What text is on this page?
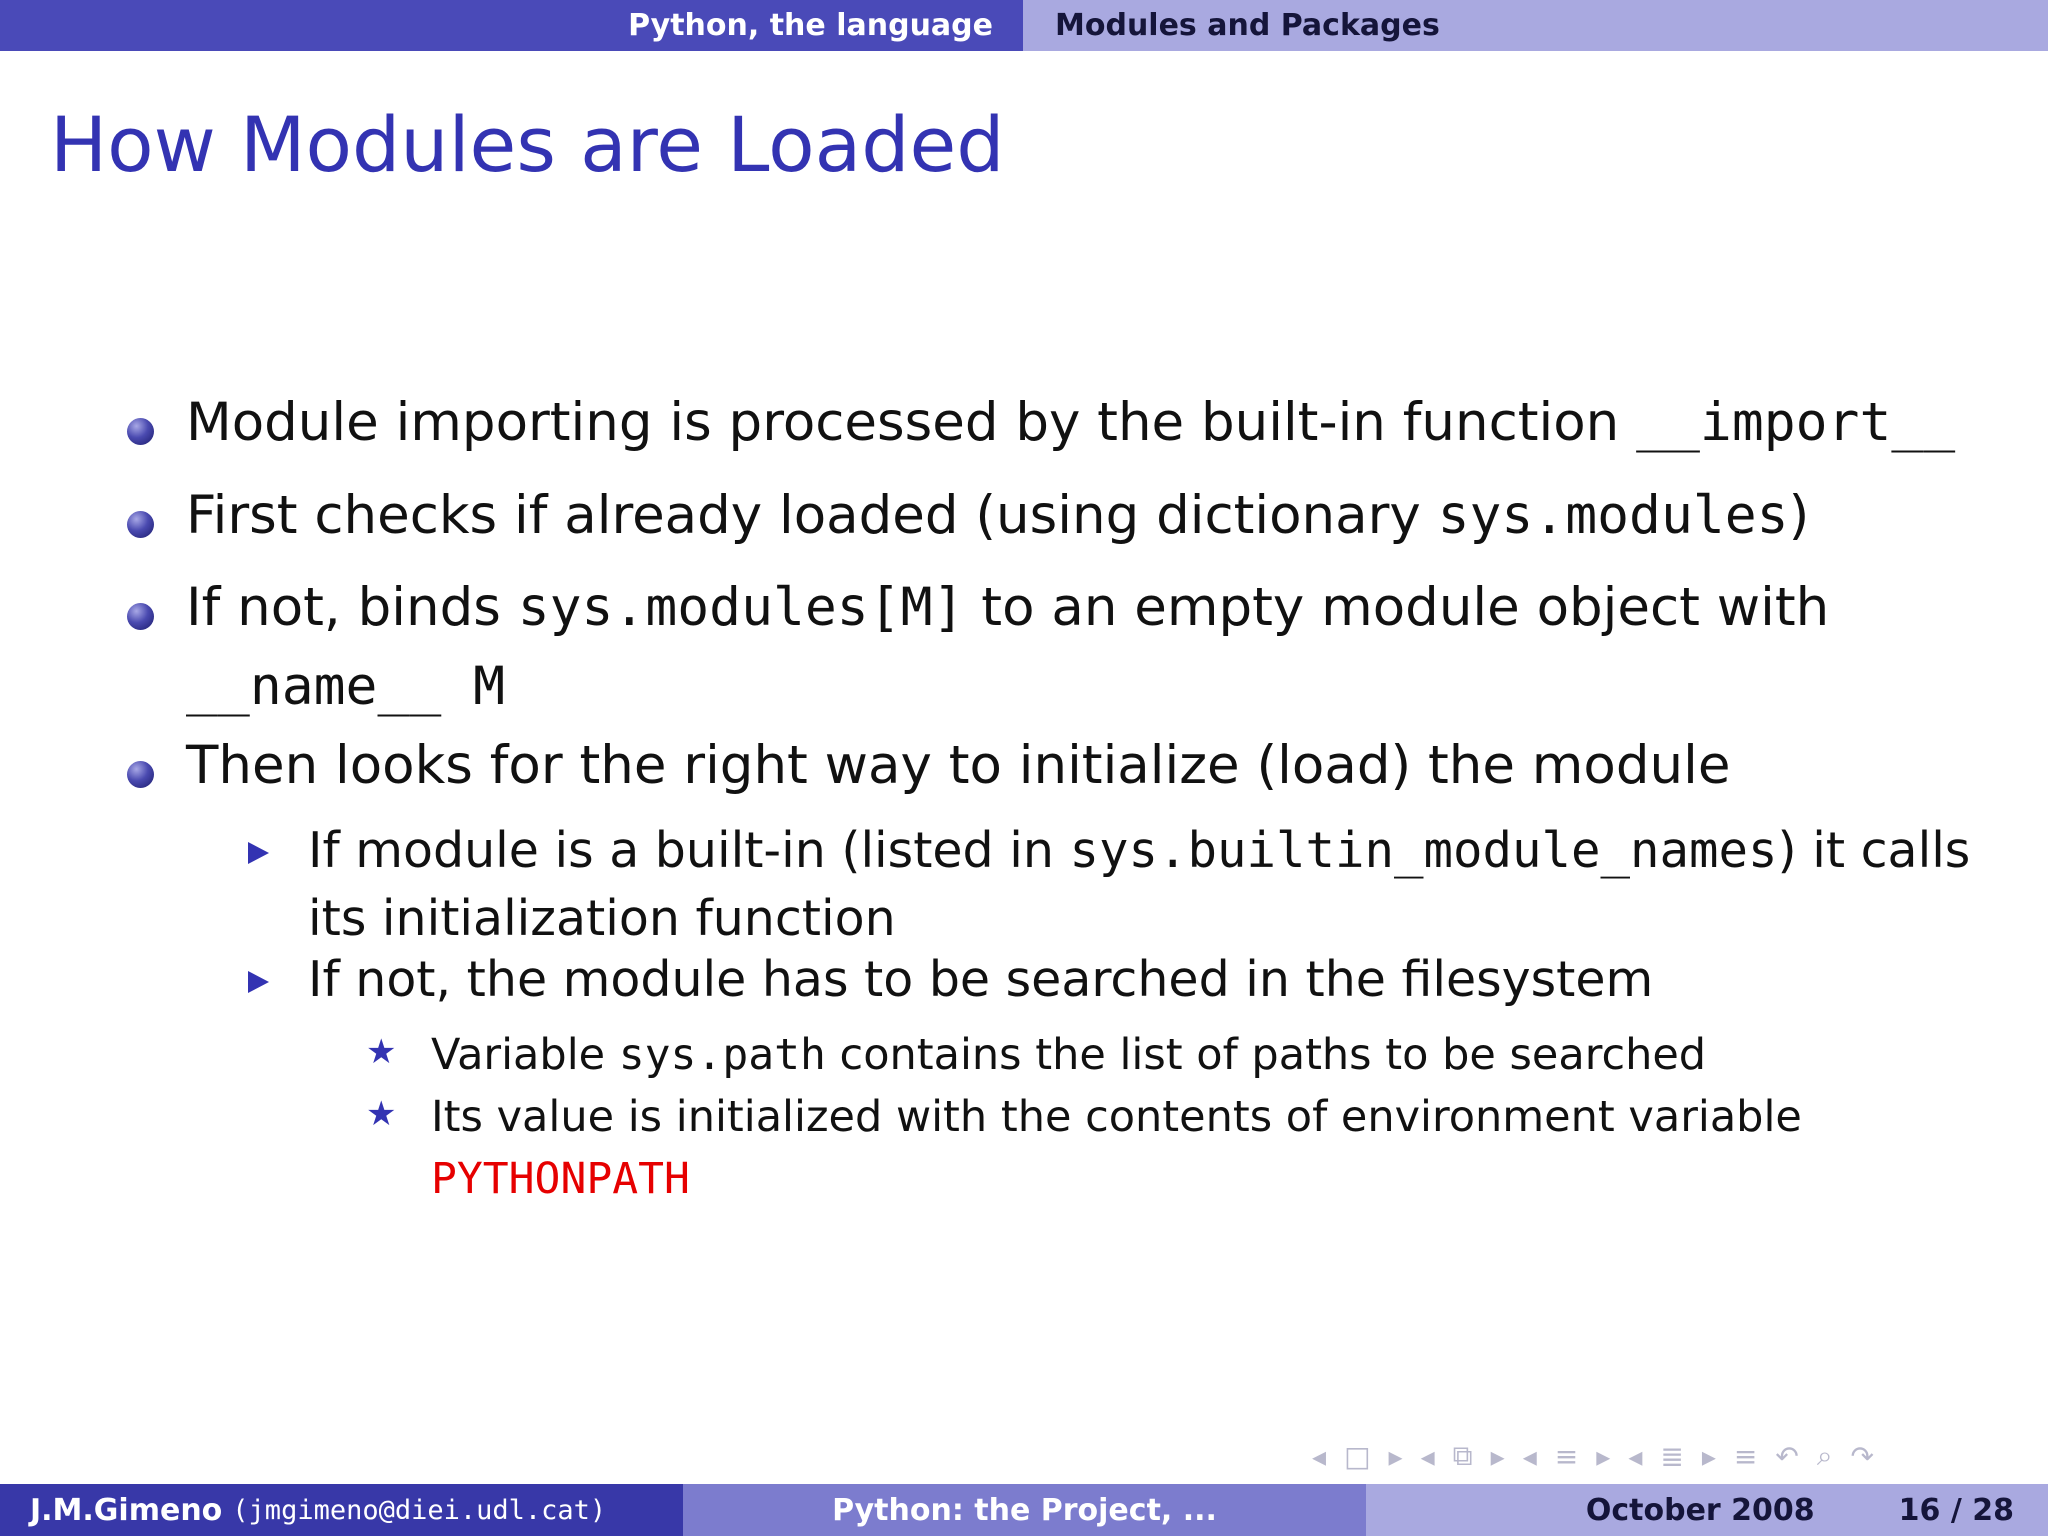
Python, the language Modules and Packages
How Modules are Loaded
Module importing is processed by the built-in function __import__
First checks if already loaded (using dictionary sys.modules)
If not, binds sys.modules[M] to an empty module object with
__name__ M
Then looks for the right way to initialize (load) the module
If module is a built-in (listed in sys.builtin_module_names) it calls
its initialization function
If not, the module has to be searched in the filesystem
★ Variable sys.path contains the list of paths to be searched
★ Its value is initialized with the contents of environment variable
PYTHONPATH
◂ □ ▸ ◂ ⧉ ▸ ◂ ≡ ▸ ◂ ≣ ▸ ≡ ↶ ⌕ ↷
J.M.Gimeno (jmgimeno@diei.udl.cat)	Python: the Project, ...	October 2008	16 / 28
